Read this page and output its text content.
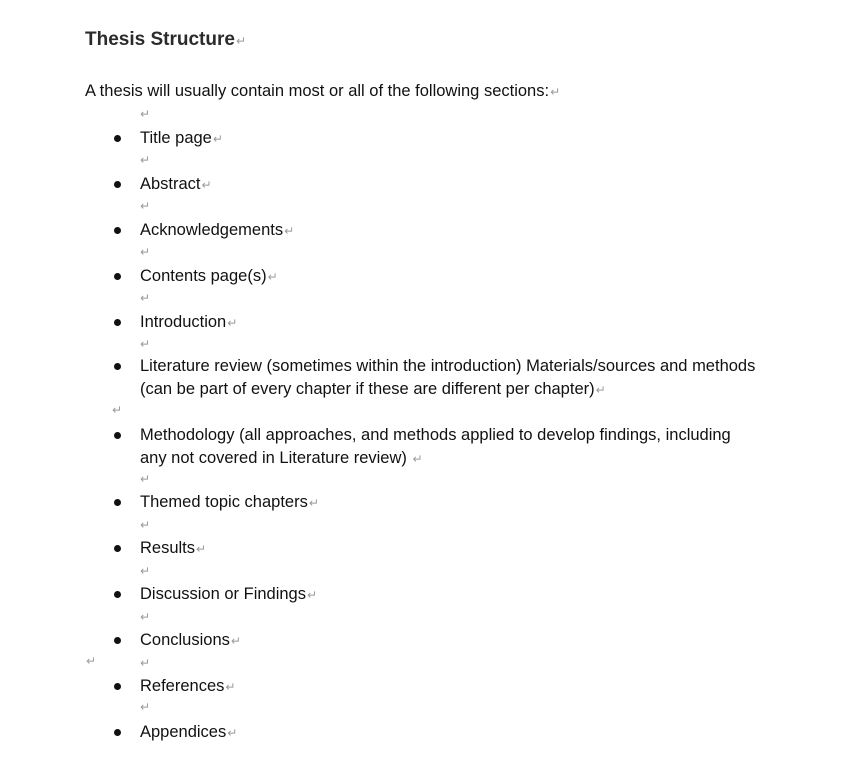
Thesis Structure↵
A thesis will usually contain most or all of the following sections:↵
↵
↵
↵
↵
↵
↵
↵
↵
↵
↵
↵
↵
↵
↵
Title page↵
Abstract↵
Acknowledgements↵
Contents page(s)↵
Introduction↵
Literature review (sometimes within the introduction) Materials/sources and methods (can be part of every chapter if these are different per chapter)↵
Methodology (all approaches, and methods applied to develop findings, including any not covered in Literature review) ↵
Themed topic chapters↵
Results↵
Discussion or Findings↵
Conclusions↵
References↵
Appendices↵
